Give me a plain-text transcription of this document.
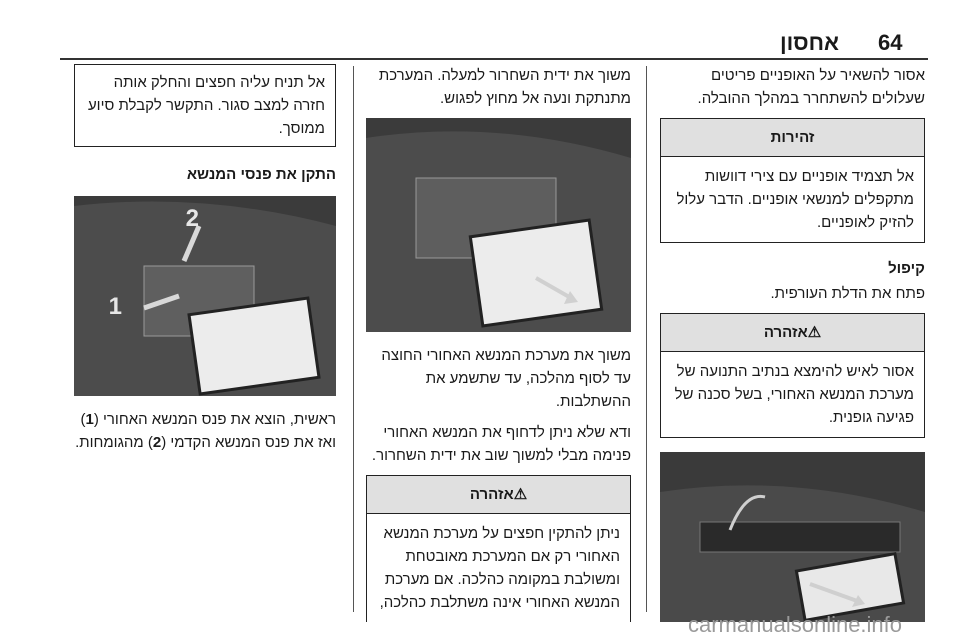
64
אחסון

אסור להשאיר על האופניים פריטים שעלולים להשתחרר במהלך ההובלה.

זהירות
אל תצמיד אופניים עם צירי דוושות מתקפלים למנשאי אופניים. הדבר עלול להזיק לאופניים.
קיפול

פתח את הדלת העורפית.

⚠אזהרה
אסור לאיש להימצא בנתיב התנועה של מערכת המנשא האחורי, בשל סכנה של פגיעה גופנית.

משוך את ידית השחרור למעלה. המערכת מתנתקת ונעה אל מחוץ לפגוש.

משוך את מערכת המנשא האחורי החוצה עד לסוף מהלכה, עד שתשמע את ההשתלבות.

ודא שלא ניתן לדחוף את המנשא האחורי פנימה מבלי למשוך שוב את ידית השחרור.

⚠אזהרה
ניתן להתקין חפצים על מערכת המנשא האחורי רק אם המערכת מאובטחת ומשולבת במקומה כהלכה. אם מערכת המנשא האחורי אינה משתלבת כהלכה,
אל תניח עליה חפצים והחלק אותה חזרה למצב סגור. התקשר לקבלת סיוע ממוסך.
התקן את פנסי המנשא
2
1

ראשית, הוצא את פנס המנשא האחורי (1) ואז את פנס המנשא הקדמי (2) מהגומחות.

carmanualsonline.info
